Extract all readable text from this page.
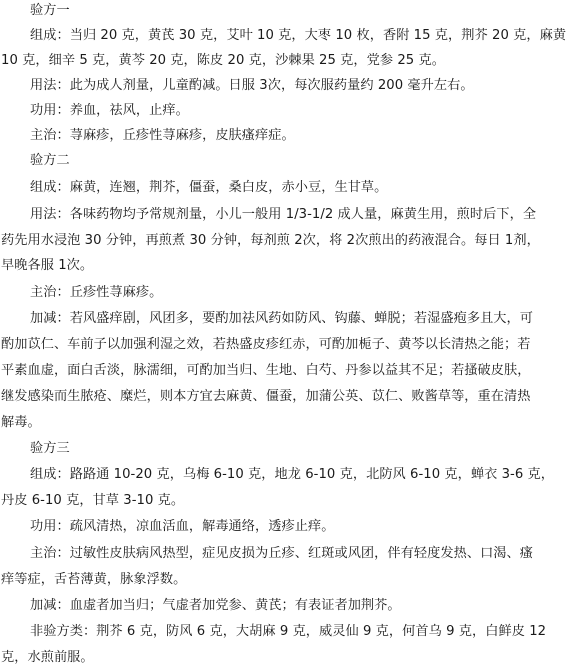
验方一
组成：当归 20 克，黄芪 30 克，艾叶 10 克，大枣 10 枚，香附 15 克，荆芥 20 克，麻黄
10 克，细辛 5 克，黄芩 20 克，陈皮 20 克，沙棘果 25 克，党参 25 克。
用法：此为成人剂量，儿童酌减。日服 3次，每次服药量约 200 毫升左右。
功用：养血，祛风，止痒。
主治：荨麻疹，丘疹性荨麻疹，皮肤瘙痒症。
验方二
组成：麻黄，连翘，荆芥，僵蚕，桑白皮，赤小豆，生甘草。
用法：各味药物均予常规剂量，小儿一般用 1/3-1/2 成人量，麻黄生用，煎时后下，全
药先用水浸泡 30 分钟，再煎煮 30 分钟，每剂煎 2次，将 2次煎出的药液混合。每日 1剂，
早晚各服 1次。
主治：丘疹性荨麻疹。
加减：若风盛痒剧，风团多，要酌加祛风药如防风、钩藤、蝉脱；若湿盛疱多且大，可
酌加苡仁、车前子以加强利湿之效，若热盛皮疹红赤，可酌加栀子、黄芩以长清热之能；若
平素血虚，面白舌淡，脉濡细，可酌加当归、生地、白芍、丹参以益其不足；若搔破皮肤，
继发感染而生脓疮、糜烂，则本方宜去麻黄、僵蚕，加蒲公英、苡仁、败酱草等，重在清热
解毒。
验方三
组成：路路通 10-20 克，乌梅 6-10 克，地龙 6-10 克，北防风 6-10 克，蝉衣 3-6 克，
丹皮 6-10 克，甘草 3-10 克。
功用：疏风清热，凉血活血，解毒通络，透疹止痒。
主治：过敏性皮肤病风热型，症见皮损为丘疹、红斑或风团，伴有轻度发热、口渴、瘙
痒等症，舌苔薄黄，脉象浮数。
加减：血虚者加当归；气虚者加党参、黄芪；有表证者加荆芥。
非验方类：荆芥 6 克，防风 6 克，大胡麻 9 克，威灵仙 9 克，何首乌 9 克，白鲜皮 12
克，水煎前服。
